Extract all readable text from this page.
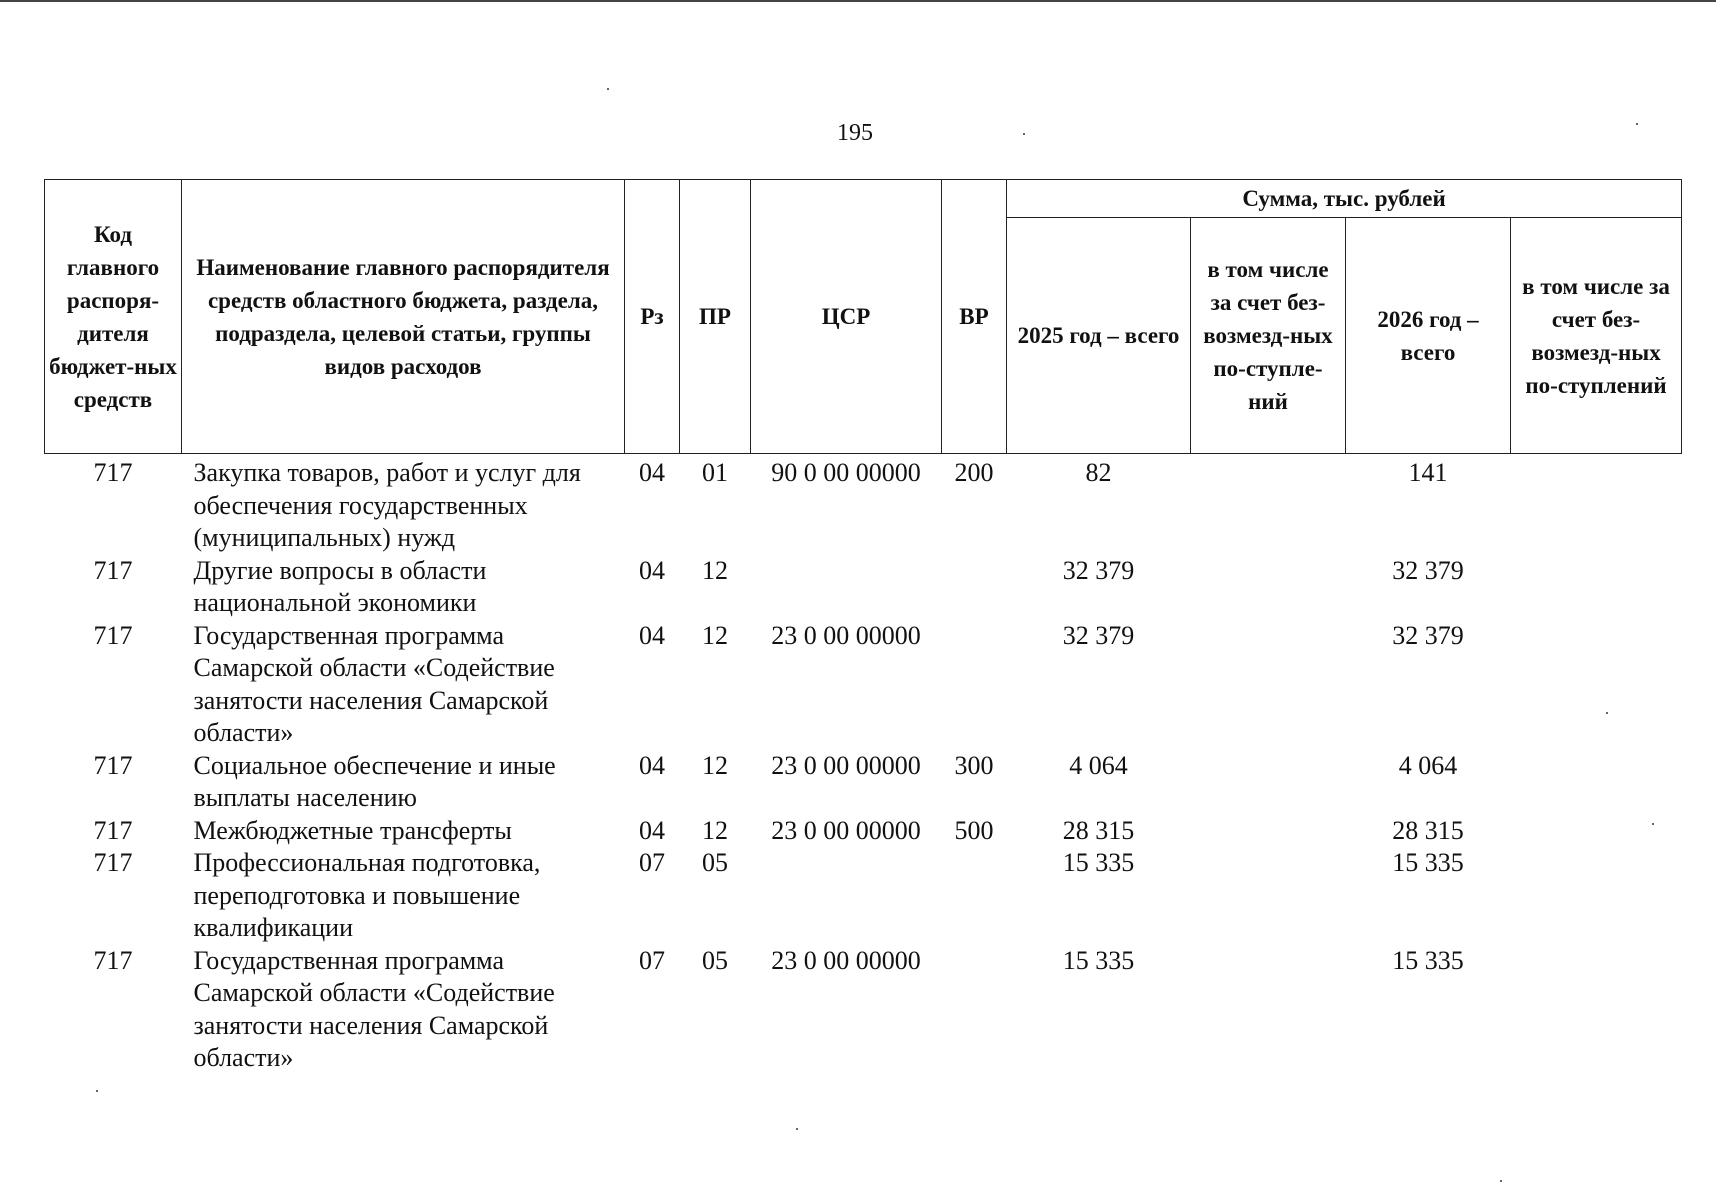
195
Код главного распоря-дителя бюджет-ных средств	Наименование главного распорядителя средств областного бюджета, раздела, подраздела, целевой статьи, группы видов расходов	Рз	ПР	ЦСР	ВР	Сумма, тыс. рублей			
						2025 год – всего	в том числе за счет без-возмезд-ных по-ступле-ний	2026 год – всего	в том числе за счет без-возмезд-ных по-ступлений
717	Закупка товаров, работ и услуг для обеспечения государственных (муниципальных) нужд	04	01	90 0 00 00000	200	82		141	
717	Другие вопросы в области национальной экономики	04	12			32 379		32 379	
717	Государственная программа Самарской области «Содействие занятости населения Самарской области»	04	12	23 0 00 00000		32 379		32 379	
717	Социальное обеспечение и иные выплаты населению	04	12	23 0 00 00000	300	4 064		4 064	
717	Межбюджетные трансферты	04	12	23 0 00 00000	500	28 315		28 315	
717	Профессиональная подготовка, переподготовка и повышение квалификации	07	05			15 335		15 335	
717	Государственная программа Самарской области «Содействие занятости населения Самарской области»	07	05	23 0 00 00000		15 335		15 335	
